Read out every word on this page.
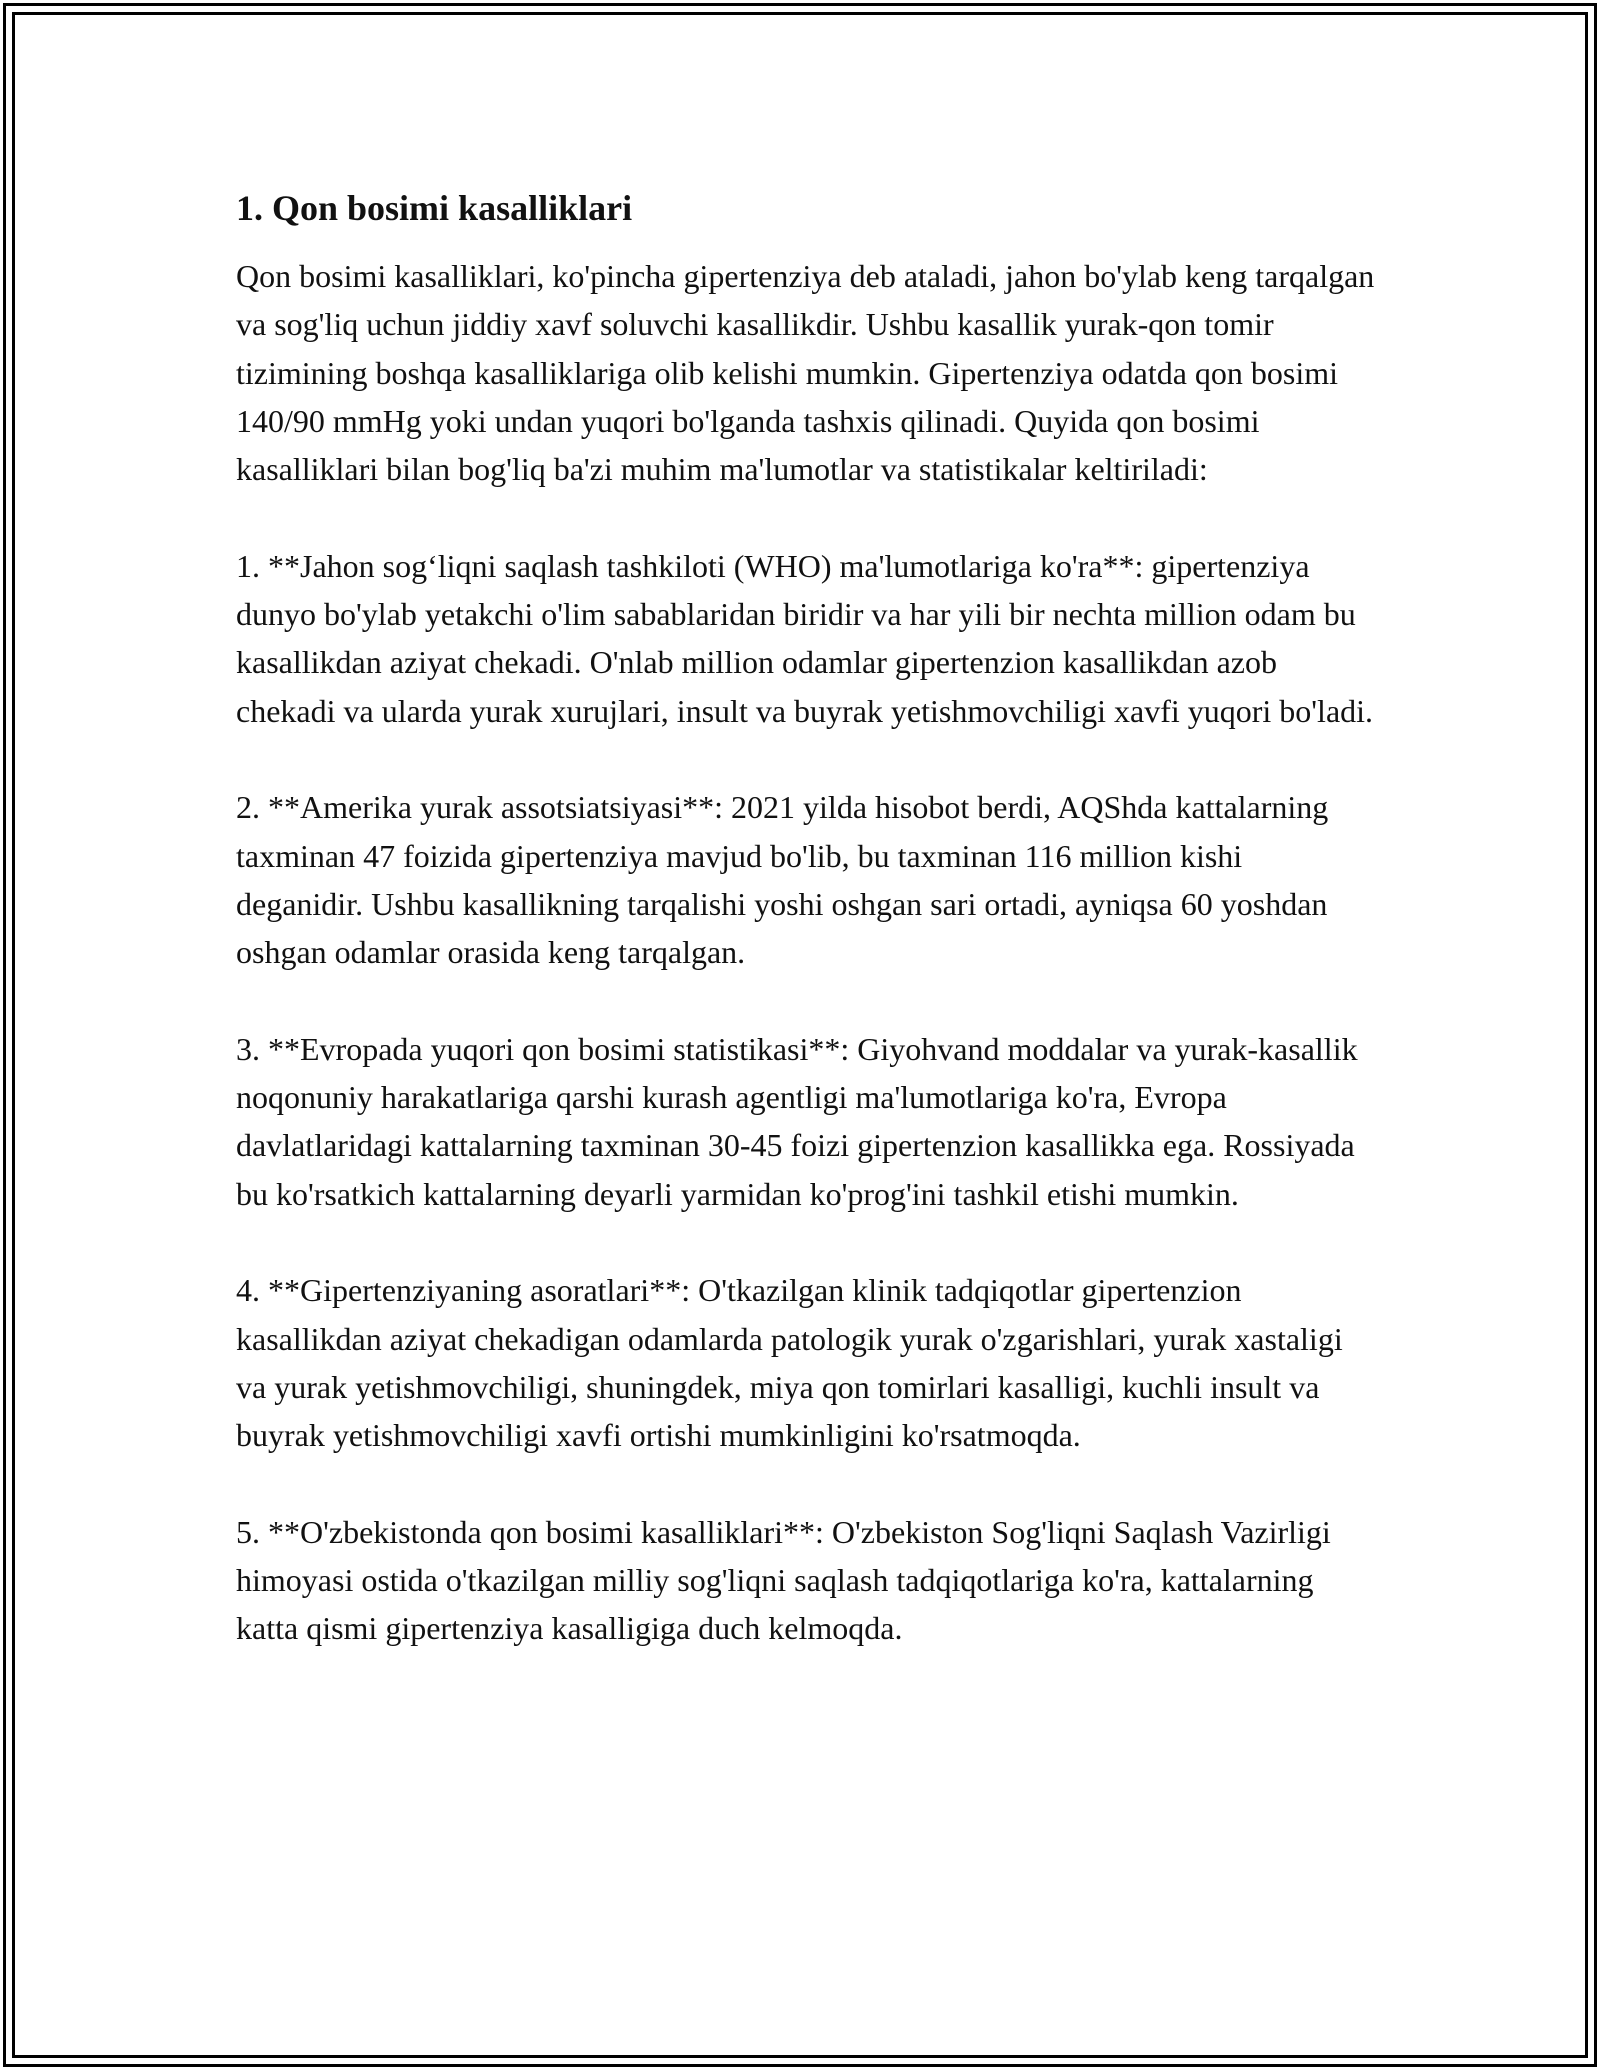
1. Qon bosimi kasalliklari

Qon bosimi kasalliklari, ko'pincha gipertenziya deb ataladi, jahon bo'ylab keng tarqalgan va sog'liq uchun jiddiy xavf soluvchi kasallikdir. Ushbu kasallik yurak-qon tomir tizimining boshqa kasalliklariga olib kelishi mumkin. Gipertenziya odatda qon bosimi 140/90 mmHg yoki undan yuqori bo'lganda tashxis qilinadi. Quyida qon bosimi kasalliklari bilan bog'liq ba'zi muhim ma'lumotlar va statistikalar keltiriladi:

1. **Jahon sog‘liqni saqlash tashkiloti (WHO) ma'lumotlariga ko'ra**: gipertenziya dunyo bo'ylab yetakchi o'lim sabablaridan biridir va har yili bir nechta million odam bu kasallikdan aziyat chekadi. O'nlab million odamlar gipertenzion kasallikdan azob chekadi va ularda yurak xurujlari, insult va buyrak yetishmovchiligi xavfi yuqori bo'ladi.

2. **Amerika yurak assotsiatsiyasi**: 2021 yilda hisobot berdi, AQShda kattalarning taxminan 47 foizida gipertenziya mavjud bo'lib, bu taxminan 116 million kishi deganidir. Ushbu kasallikning tarqalishi yoshi oshgan sari ortadi, ayniqsa 60 yoshdan oshgan odamlar orasida keng tarqalgan.

3. **Evropada yuqori qon bosimi statistikasi**: Giyohvand moddalar va yurak-kasallik noqonuniy harakatlariga qarshi kurash agentligi ma'lumotlariga ko'ra, Evropa davlatlaridagi kattalarning taxminan 30-45 foizi gipertenzion kasallikka ega. Rossiyada bu ko'rsatkich kattalarning deyarli yarmidan ko'prog'ini tashkil etishi mumkin.

4. **Gipertenziyaning asoratlari**: O'tkazilgan klinik tadqiqotlar gipertenzion kasallikdan aziyat chekadigan odamlarda patologik yurak o'zgarishlari, yurak xastaligi va yurak yetishmovchiligi, shuningdek, miya qon tomirlari kasalligi, kuchli insult va buyrak yetishmovchiligi xavfi ortishi mumkinligini ko'rsatmoqda.

5. **O'zbekistonda qon bosimi kasalliklari**: O'zbekiston Sog'liqni Saqlash Vazirligi himoyasi ostida o'tkazilgan milliy sog'liqni saqlash tadqiqotlariga ko'ra, kattalarning katta qismi gipertenziya kasalligiga duch kelmoqda.
